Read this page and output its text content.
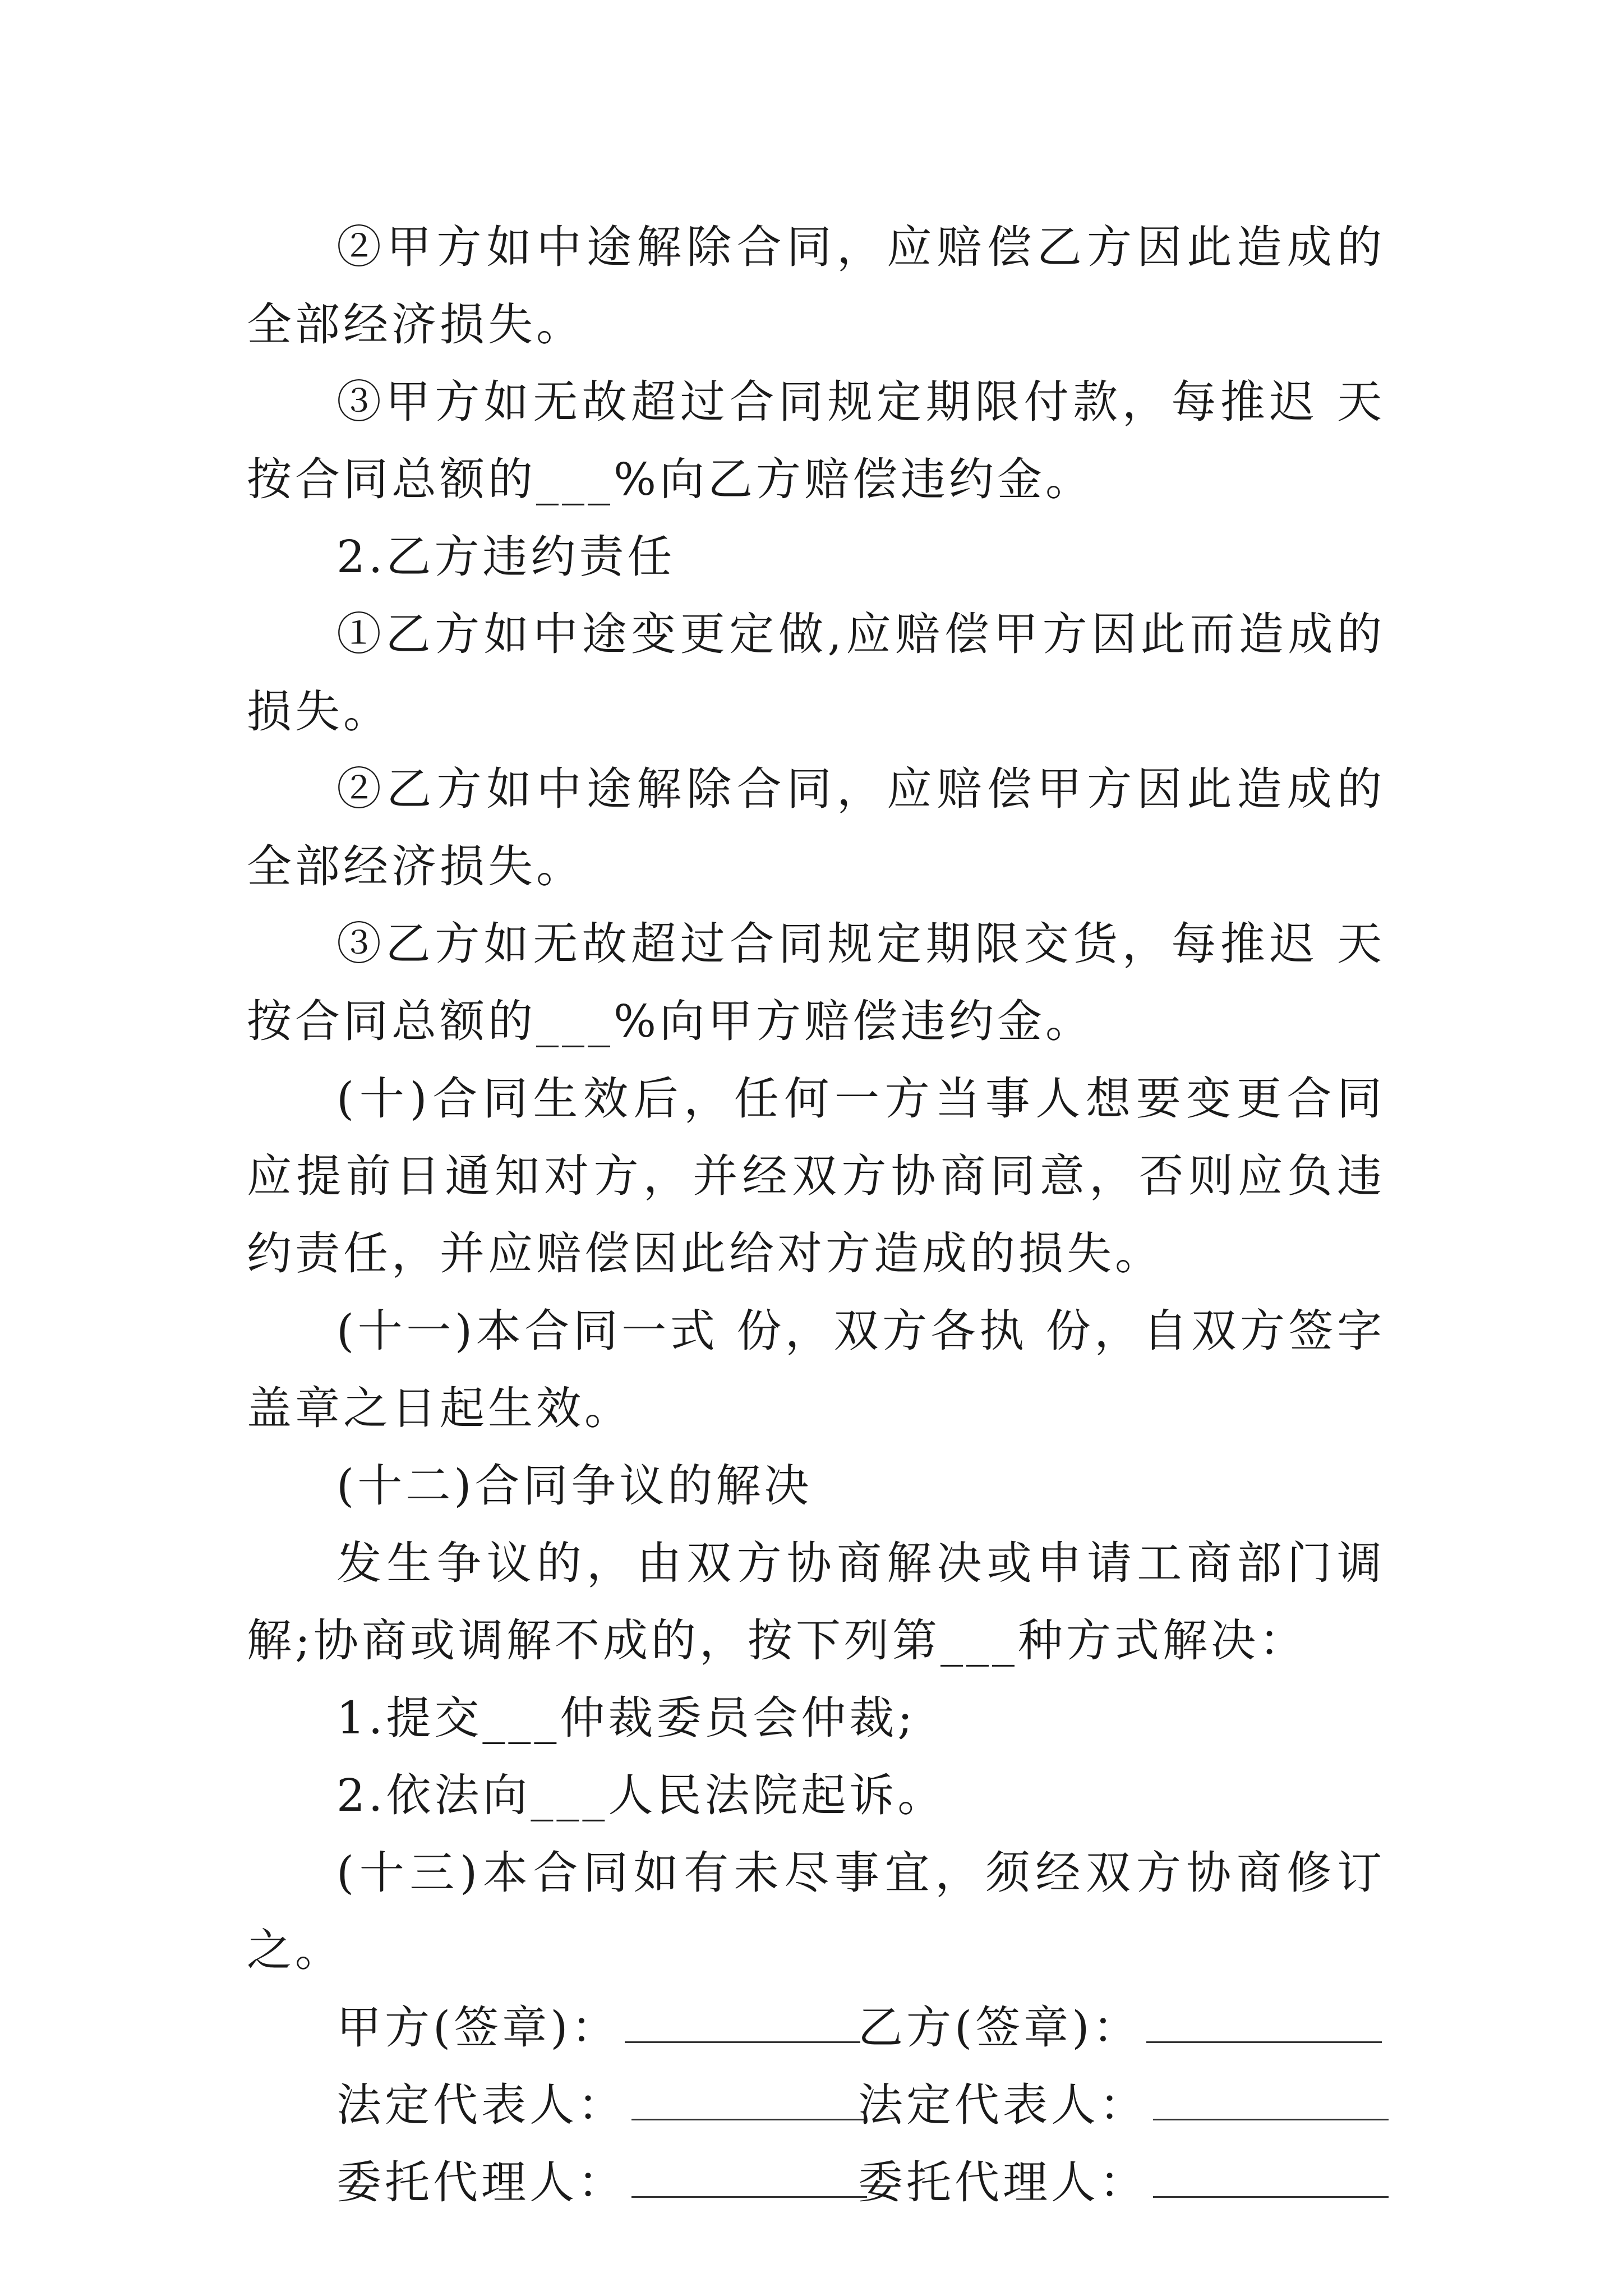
②甲方如中途解除合同，应赔偿乙方因此造成的全部经济损失。

③甲方如无故超过合同规定期限付款，每推迟 天按合同总额的___%向乙方赔偿违约金。

2.乙方违约责任

①乙方如中途变更定做,应赔偿甲方因此而造成的损失。

②乙方如中途解除合同，应赔偿甲方因此造成的全部经济损失。

③乙方如无故超过合同规定期限交货，每推迟 天按合同总额的___%向甲方赔偿违约金。

(十)合同生效后，任何一方当事人想要变更合同应提前日通知对方，并经双方协商同意，否则应负违约责任，并应赔偿因此给对方造成的损失。

(十一)本合同一式 份，双方各执 份，自双方签字盖章之日起生效。

(十二)合同争议的解决

发生争议的，由双方协商解决或申请工商部门调解;协商或调解不成的，按下列第___种方式解决：

1.提交___仲裁委员会仲裁;

2.依法向___人民法院起诉。

(十三)本合同如有未尽事宜，须经双方协商修订之。

甲方(签章)：	乙方(签章)：
法定代表人：	法定代表人：
委托代理人：	委托代理人：
